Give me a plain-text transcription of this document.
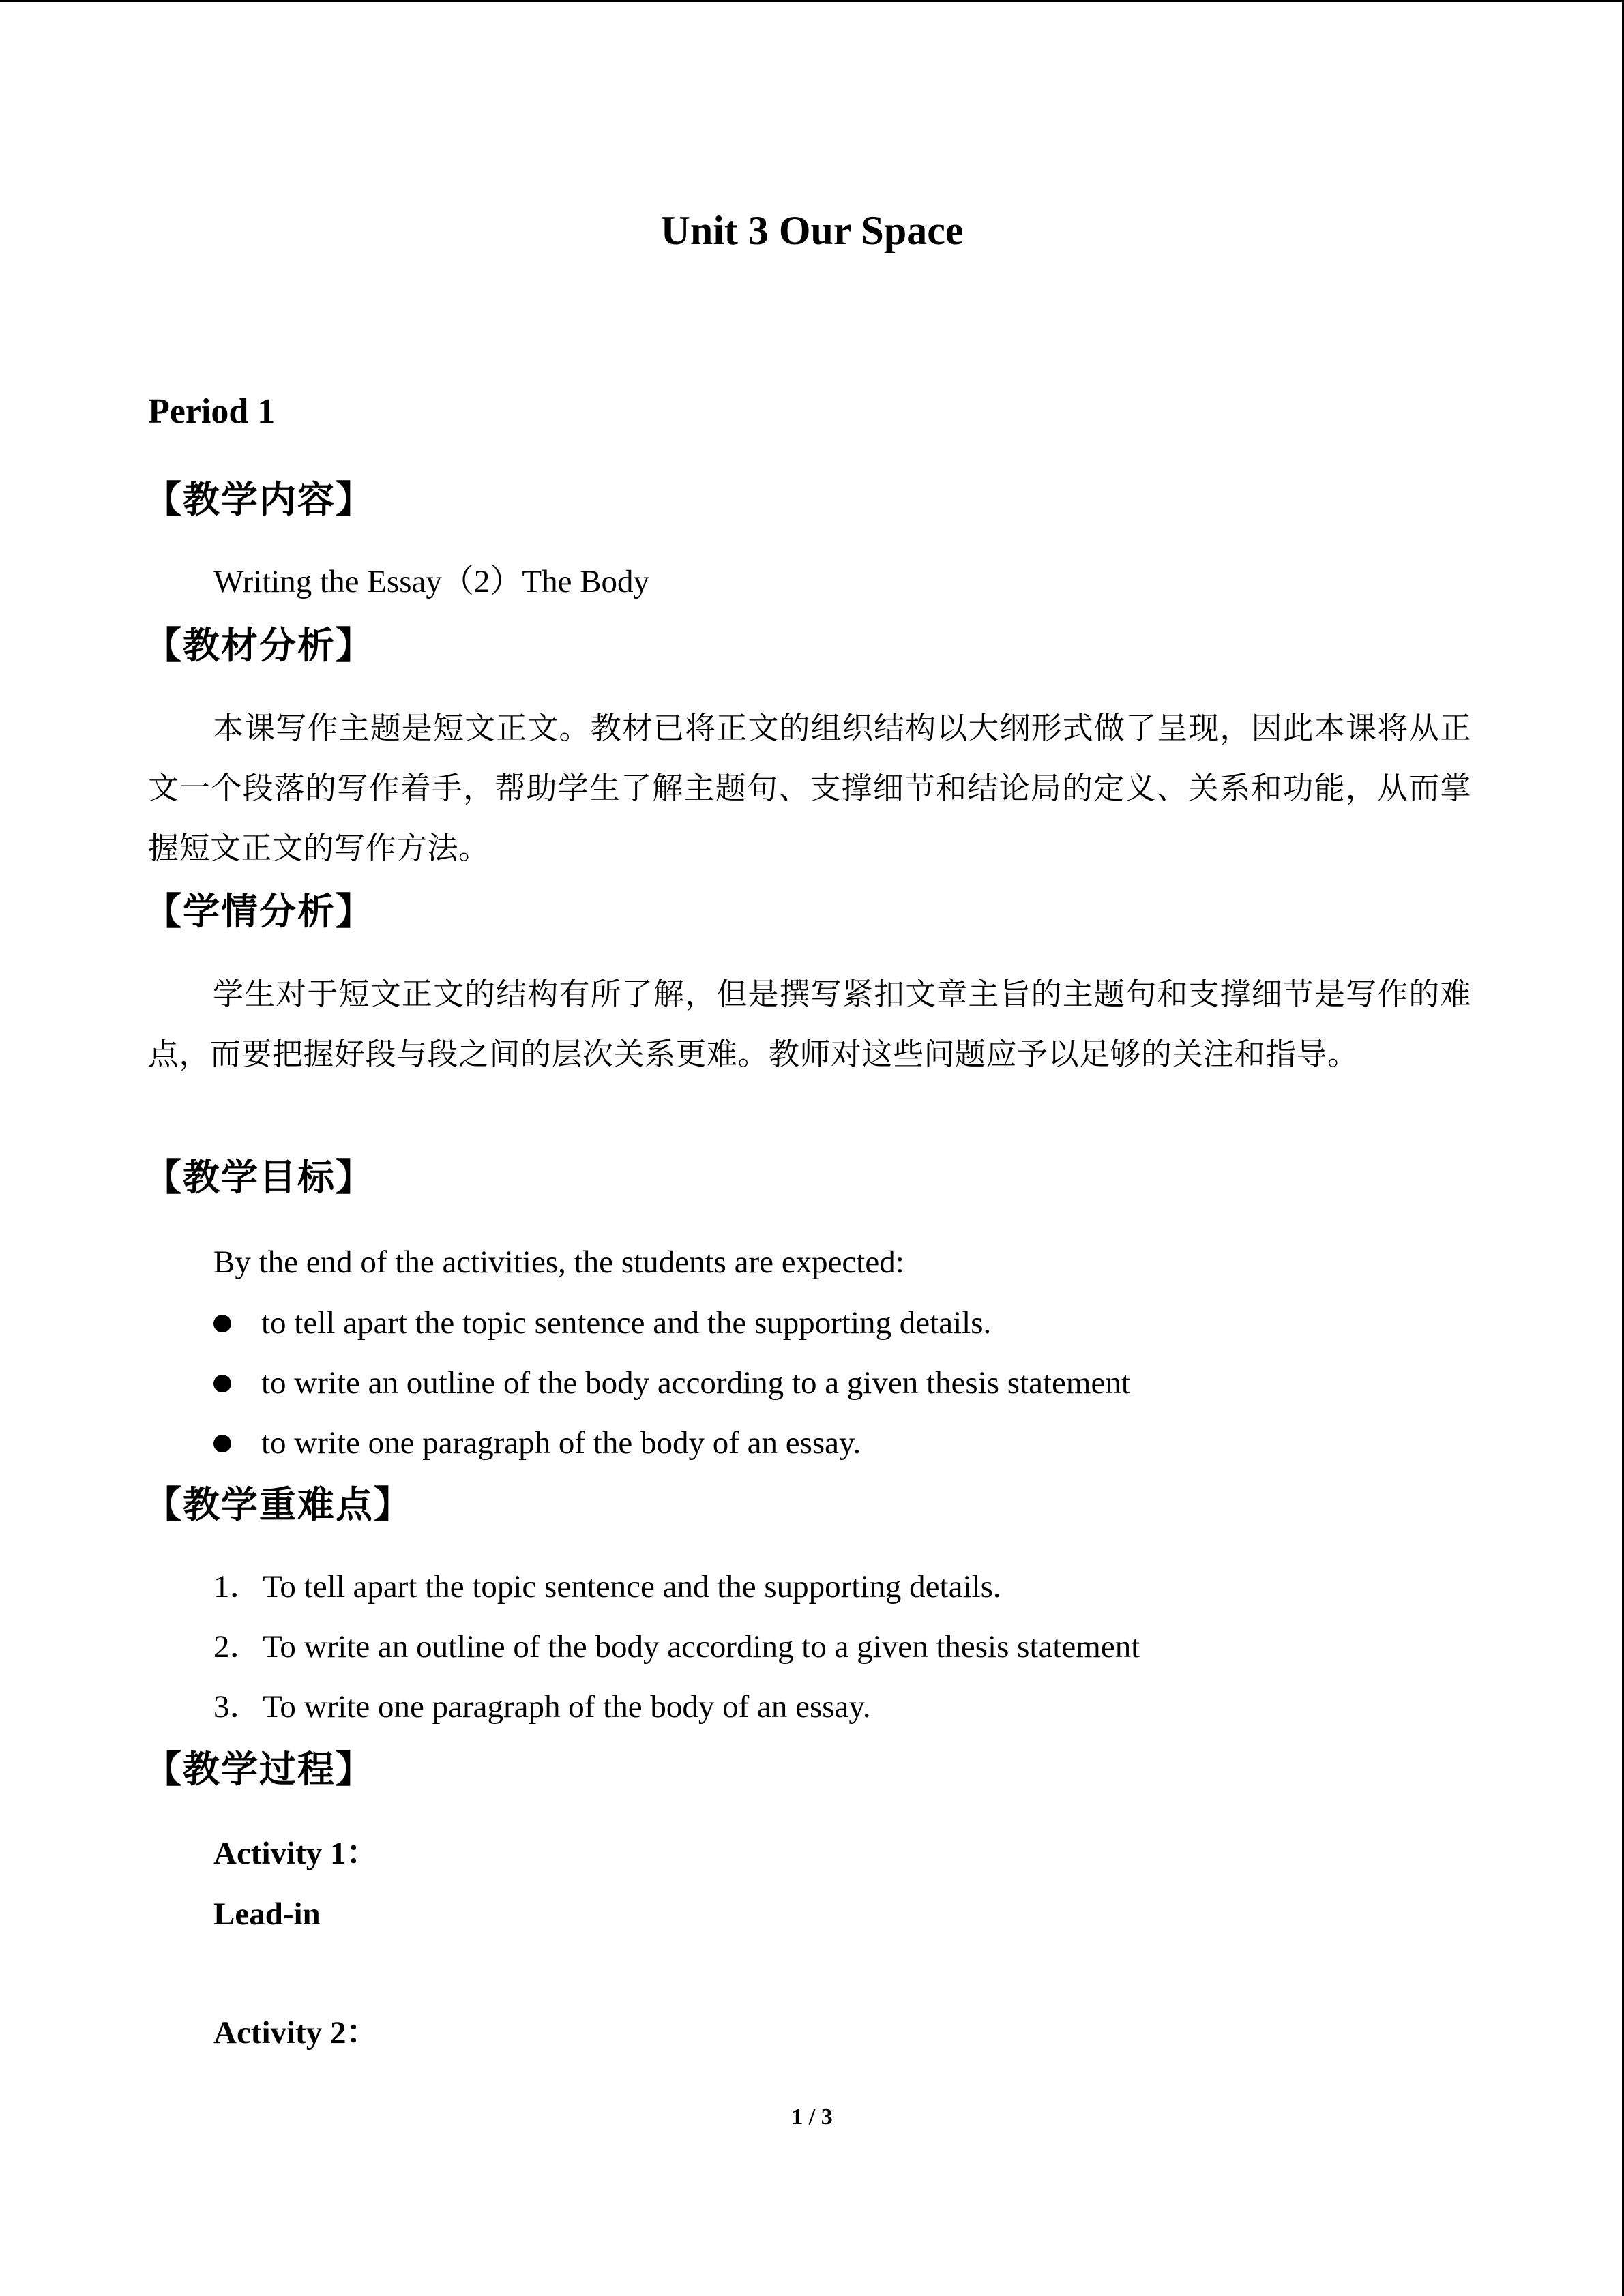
Unit 3 Our Space
Period 1
【教学内容】
Writing the Essay（2）The Body
【教材分析】
本课写作主题是短文正文。教材已将正文的组织结构以大纲形式做了呈现，因此本课将从正文一个段落的写作着手，帮助学生了解主题句、支撑细节和结论局的定义、关系和功能，从而掌握短文正文的写作方法。
【学情分析】
学生对于短文正文的结构有所了解，但是撰写紧扣文章主旨的主题句和支撑细节是写作的难点，而要把握好段与段之间的层次关系更难。教师对这些问题应予以足够的关注和指导。
【教学目标】
By the end of the activities, the students are expected:
to tell apart the topic sentence and the supporting details.
to write an outline of the body according to a given thesis statement
to write one paragraph of the body of an essay.
【教学重难点】
1．To tell apart the topic sentence and the supporting details.
2．To write an outline of the body according to a given thesis statement
3．To write one paragraph of the body of an essay.
【教学过程】
Activity 1：
Lead-in
Activity 2：
1 / 3
